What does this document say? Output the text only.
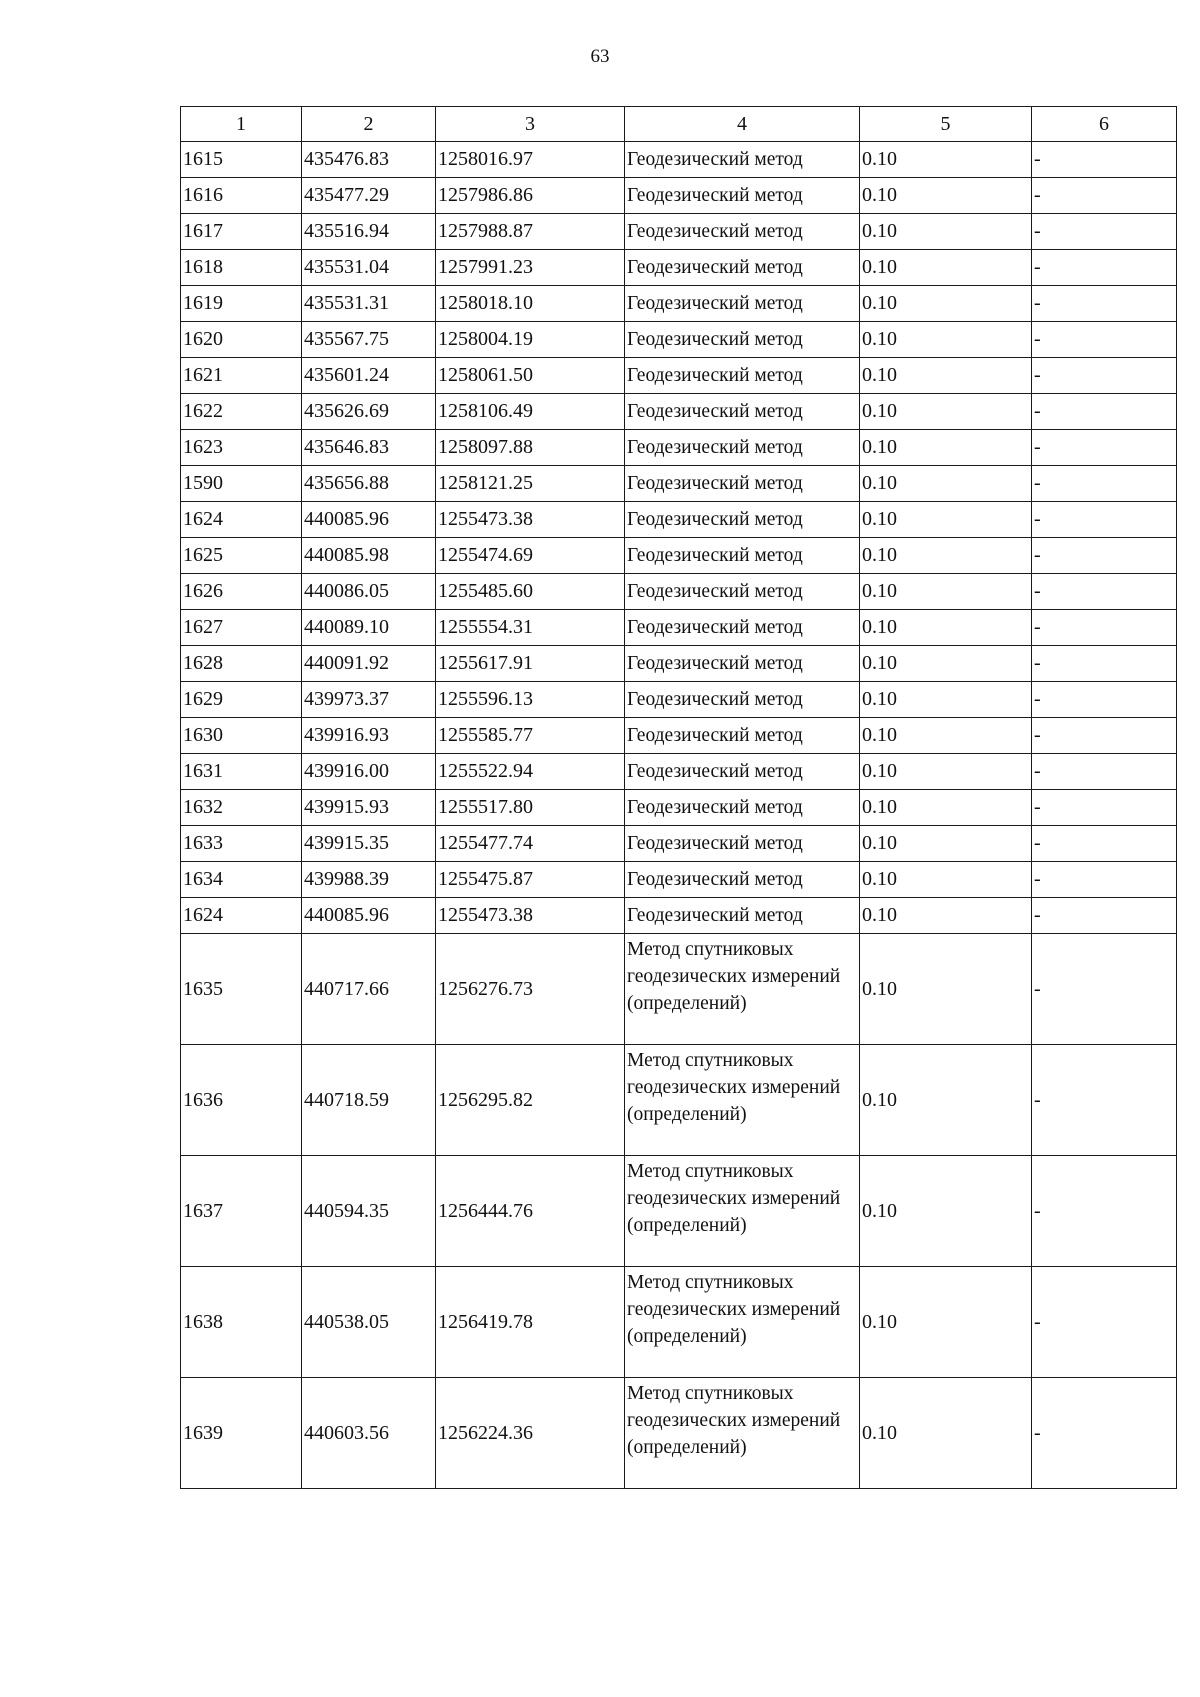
63
1	2	3	4	5	6
1615	435476.83	1258016.97	Геодезический метод	0.10	-
1616	435477.29	1257986.86	Геодезический метод	0.10	-
1617	435516.94	1257988.87	Геодезический метод	0.10	-
1618	435531.04	1257991.23	Геодезический метод	0.10	-
1619	435531.31	1258018.10	Геодезический метод	0.10	-
1620	435567.75	1258004.19	Геодезический метод	0.10	-
1621	435601.24	1258061.50	Геодезический метод	0.10	-
1622	435626.69	1258106.49	Геодезический метод	0.10	-
1623	435646.83	1258097.88	Геодезический метод	0.10	-
1590	435656.88	1258121.25	Геодезический метод	0.10	-
1624	440085.96	1255473.38	Геодезический метод	0.10	-
1625	440085.98	1255474.69	Геодезический метод	0.10	-
1626	440086.05	1255485.60	Геодезический метод	0.10	-
1627	440089.10	1255554.31	Геодезический метод	0.10	-
1628	440091.92	1255617.91	Геодезический метод	0.10	-
1629	439973.37	1255596.13	Геодезический метод	0.10	-
1630	439916.93	1255585.77	Геодезический метод	0.10	-
1631	439916.00	1255522.94	Геодезический метод	0.10	-
1632	439915.93	1255517.80	Геодезический метод	0.10	-
1633	439915.35	1255477.74	Геодезический метод	0.10	-
1634	439988.39	1255475.87	Геодезический метод	0.10	-
1624	440085.96	1255473.38	Геодезический метод	0.10	-
1635	440717.66	1256276.73	Метод спутниковых геодезических измерений (определений)	0.10	-
1636	440718.59	1256295.82	Метод спутниковых геодезических измерений (определений)	0.10	-
1637	440594.35	1256444.76	Метод спутниковых геодезических измерений (определений)	0.10	-
1638	440538.05	1256419.78	Метод спутниковых геодезических измерений (определений)	0.10	-
1639	440603.56	1256224.36	Метод спутниковых геодезических измерений (определений)	0.10	-
